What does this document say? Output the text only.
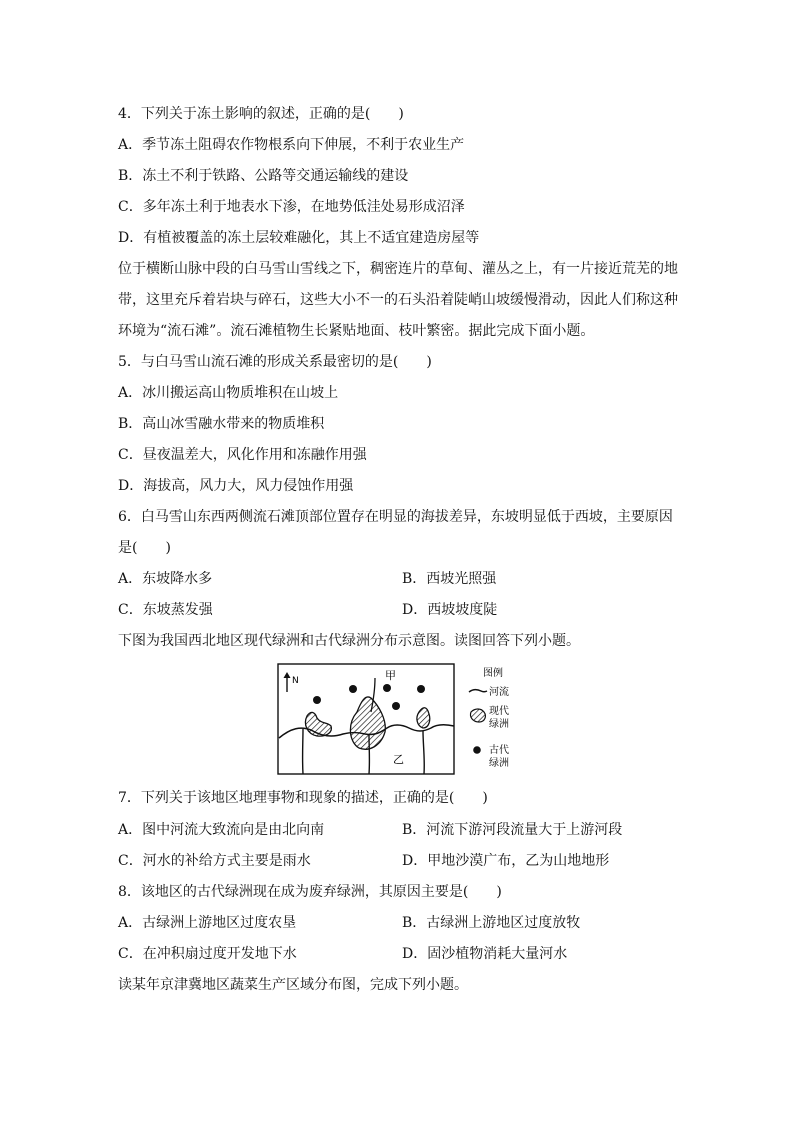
4．下列关于冻土影响的叙述，正确的是(　　)
A．季节冻土阻碍农作物根系向下伸展，不利于农业生产
B．冻土不利于铁路、公路等交通运输线的建设
C．多年冻土利于地表水下渗，在地势低洼处易形成沼泽
D．有植被覆盖的冻土层较难融化，其上不适宜建造房屋等
位于横断山脉中段的白马雪山雪线之下，稠密连片的草甸、灌丛之上，有一片接近荒芜的地
带，这里充斥着岩块与碎石，这些大小不一的石头沿着陡峭山坡缓慢滑动，因此人们称这种
环境为“流石滩”。流石滩植物生长紧贴地面、枝叶繁密。据此完成下面小题。
5．与白马雪山流石滩的形成关系最密切的是(　　)
A．冰川搬运高山物质堆积在山坡上
B．高山冰雪融水带来的物质堆积
C．昼夜温差大，风化作用和冻融作用强
D．海拔高，风力大，风力侵蚀作用强
6．白马雪山东西两侧流石滩顶部位置存在明显的海拔差异，东坡明显低于西坡，主要原因
是(　　)
A．东坡降水多	B．西坡光照强
C．东坡蒸发强	D．西坡坡度陡
下图为我国西北地区现代绿洲和古代绿洲分布示意图。读图回答下列小题。
N	甲
乙
图例
河流
现代
绿洲
古代
绿洲
7．下列关于该地区地理事物和现象的描述，正确的是(　　)
A．图中河流大致流向是由北向南	B．河流下游河段流量大于上游河段
C．河水的补给方式主要是雨水	D．甲地沙漠广布，乙为山地地形
8．该地区的古代绿洲现在成为废弃绿洲，其原因主要是(　　)
A．古绿洲上游地区过度农垦	B．古绿洲上游地区过度放牧
C．在冲积扇过度开发地下水	D．固沙植物消耗大量河水
读某年京津冀地区蔬菜生产区域分布图，完成下列小题。
